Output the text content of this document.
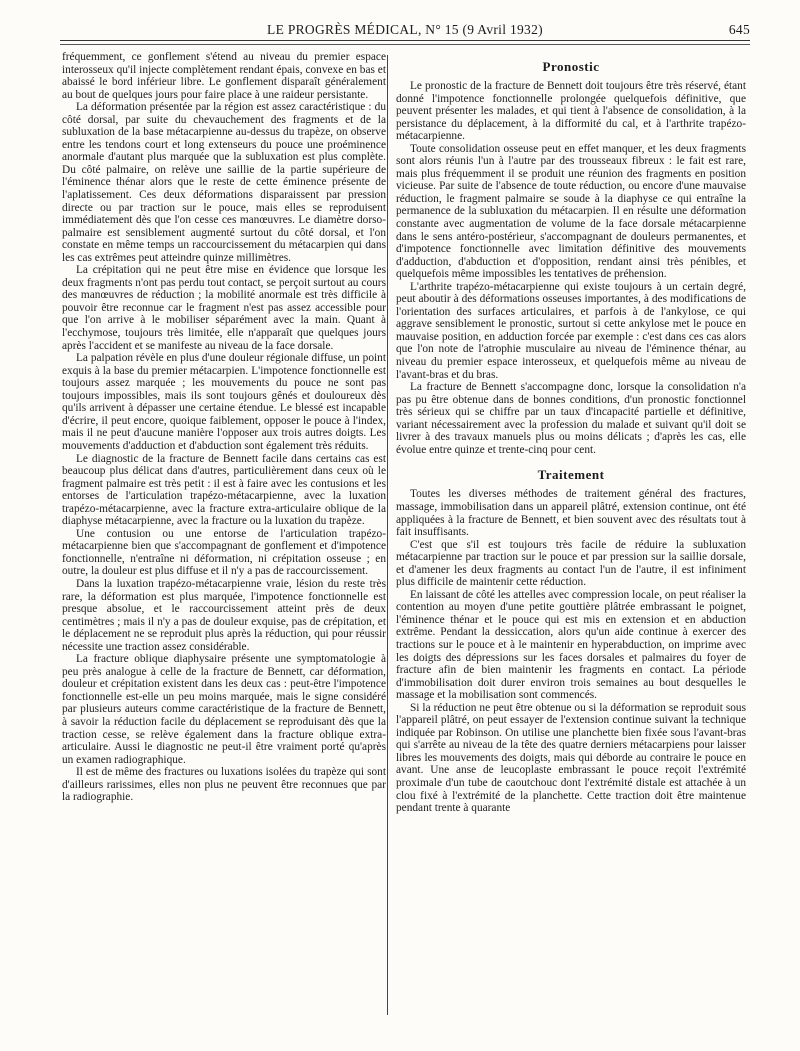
LE PROGRÈS MÉDICAL, N° 15 (9 Avril 1932)	645

fréquemment, ce gonflement s'étend au niveau du premier espace interosseux qu'il injecte complètement rendant épais, convexe en bas et abaissé le bord inférieur libre. Le gonflement disparaît généralement au bout de quelques jours pour faire place à une raideur persistante.

La déformation présentée par la région est assez caractéristique : du côté dorsal, par suite du chevauchement des fragments et de la subluxation de la base métacarpienne au-dessus du trapèze, on observe entre les tendons court et long extenseurs du pouce une proéminence anormale d'autant plus marquée que la subluxation est plus complète. Du côté palmaire, on relève une saillie de la partie supérieure de l'éminence thénar alors que le reste de cette éminence présente de l'aplatissement. Ces deux déformations disparaissent par pression directe ou par traction sur le pouce, mais elles se reproduisent immédiatement dès que l'on cesse ces manœuvres. Le diamètre dorso-palmaire est sensiblement augmenté surtout du côté dorsal, et l'on constate en même temps un raccourcissement du métacarpien qui dans les cas extrêmes peut atteindre quinze millimètres.

La crépitation qui ne peut être mise en évidence que lorsque les deux fragments n'ont pas perdu tout contact, se perçoit surtout au cours des manœuvres de réduction ; la mobilité anormale est très difficile à pouvoir être reconnue car le fragment n'est pas assez accessible pour que l'on arrive à le mobiliser séparément avec la main. Quant à l'ecchymose, toujours très limitée, elle n'apparaît que quelques jours après l'accident et se manifeste au niveau de la face dorsale.

La palpation révèle en plus d'une douleur régionale diffuse, un point exquis à la base du premier métacarpien. L'impotence fonctionnelle est toujours assez marquée ; les mouvements du pouce ne sont pas toujours impossibles, mais ils sont toujours gênés et douloureux dès qu'ils arrivent à dépasser une certaine étendue. Le blessé est incapable d'écrire, il peut encore, quoique faiblement, opposer le pouce à l'index, mais il ne peut d'aucune manière l'opposer aux trois autres doigts. Les mouvements d'adduction et d'abduction sont également très réduits.

Le diagnostic de la fracture de Bennett facile dans certains cas est beaucoup plus délicat dans d'autres, particulièrement dans ceux où le fragment palmaire est très petit : il est à faire avec les contusions et les entorses de l'articulation trapézo-métacarpienne, avec la luxation trapézo-métacarpienne, avec la fracture extra-articulaire oblique de la diaphyse métacarpienne, avec la fracture ou la luxation du trapèze.

Une contusion ou une entorse de l'articulation trapézo-métacarpienne bien que s'accompagnant de gonflement et d'impotence fonctionnelle, n'entraîne ni déformation, ni crépitation osseuse ; en outre, la douleur est plus diffuse et il n'y a pas de raccourcissement.

Dans la luxation trapézo-métacarpienne vraie, lésion du reste très rare, la déformation est plus marquée, l'impotence fonctionnelle est presque absolue, et le raccourcissement atteint près de deux centimètres ; mais il n'y a pas de douleur exquise, pas de crépitation, et le déplacement ne se reproduit plus après la réduction, qui pour réussir nécessite une traction assez considérable.

La fracture oblique diaphysaire présente une symptomatologie à peu près analogue à celle de la fracture de Bennett, car déformation, douleur et crépitation existent dans les deux cas : peut-être l'impotence fonctionnelle est-elle un peu moins marquée, mais le signe considéré par plusieurs auteurs comme caractéristique de la fracture de Bennett, à savoir la réduction facile du déplacement se reproduisant dès que la traction cesse, se relève également dans la fracture oblique extra-articulaire. Aussi le diagnostic ne peut-il être vraiment porté qu'après un examen radiographique.

Il est de même des fractures ou luxations isolées du trapèze qui sont d'ailleurs rarissimes, elles non plus ne peuvent être reconnues que par la radiographie.

Pronostic

Le pronostic de la fracture de Bennett doit toujours être très réservé, étant donné l'impotence fonctionnelle prolongée quelquefois définitive, que peuvent présenter les malades, et qui tient à l'absence de consolidation, à la persistance du déplacement, à la difformité du cal, et à l'arthrite trapézo-métacarpienne.

Toute consolidation osseuse peut en effet manquer, et les deux fragments sont alors réunis l'un à l'autre par des trousseaux fibreux : le fait est rare, mais plus fréquemment il se produit une réunion des fragments en position vicieuse. Par suite de l'absence de toute réduction, ou encore d'une mauvaise réduction, le fragment palmaire se soude à la diaphyse ce qui entraîne la permanence de la subluxation du métacarpien. Il en résulte une déformation constante avec augmentation de volume de la face dorsale métacarpienne dans le sens antéro-postérieur, s'accompagnant de douleurs permanentes, et d'impotence fonctionnelle avec limitation définitive des mouvements d'adduction, d'abduction et d'opposition, rendant ainsi très pénibles, et quelquefois même impossibles les tentatives de préhension.

L'arthrite trapézo-métacarpienne qui existe toujours à un certain degré, peut aboutir à des déformations osseuses importantes, à des modifications de l'orientation des surfaces articulaires, et parfois à de l'ankylose, ce qui aggrave sensiblement le pronostic, surtout si cette ankylose met le pouce en mauvaise position, en adduction forcée par exemple : c'est dans ces cas alors que l'on note de l'atrophie musculaire au niveau de l'éminence thénar, au niveau du premier espace interosseux, et quelquefois même au niveau de l'avant-bras et du bras.

La fracture de Bennett s'accompagne donc, lorsque la consolidation n'a pas pu être obtenue dans de bonnes conditions, d'un pronostic fonctionnel très sérieux qui se chiffre par un taux d'incapacité partielle et définitive, variant nécessairement avec la profession du malade et suivant qu'il doit se livrer à des travaux manuels plus ou moins délicats ; d'après les cas, elle évolue entre quinze et trente-cinq pour cent.

Traitement

Toutes les diverses méthodes de traitement général des fractures, massage, immobilisation dans un appareil plâtré, extension continue, ont été appliquées à la fracture de Bennett, et bien souvent avec des résultats tout à fait insuffisants.

C'est que s'il est toujours très facile de réduire la subluxation métacarpienne par traction sur le pouce et par pression sur la saillie dorsale, et d'amener les deux fragments au contact l'un de l'autre, il est infiniment plus difficile de maintenir cette réduction.

En laissant de côté les attelles avec compression locale, on peut réaliser la contention au moyen d'une petite gouttière plâtrée embrassant le poignet, l'éminence thénar et le pouce qui est mis en extension et en abduction extrême. Pendant la dessiccation, alors qu'un aide continue à exercer des tractions sur le pouce et à le maintenir en hyperabduction, on imprime avec les doigts des dépressions sur les faces dorsales et palmaires du foyer de fracture afin de bien maintenir les fragments en contact. La période d'immobilisation doit durer environ trois semaines au bout desquelles le massage et la mobilisation sont commencés.

Si la réduction ne peut être obtenue ou si la déformation se reproduit sous l'appareil plâtré, on peut essayer de l'extension continue suivant la technique indiquée par Robinson. On utilise une planchette bien fixée sous l'avant-bras qui s'arrête au niveau de la tête des quatre derniers métacarpiens pour laisser libres les mouvements des doigts, mais qui déborde au contraire le pouce en avant. Une anse de leucoplaste embrassant le pouce reçoit l'extrémité proximale d'un tube de caoutchouc dont l'extrémité distale est attachée à un clou fixé à l'extrémité de la planchette. Cette traction doit être maintenue pendant trente à quarante
